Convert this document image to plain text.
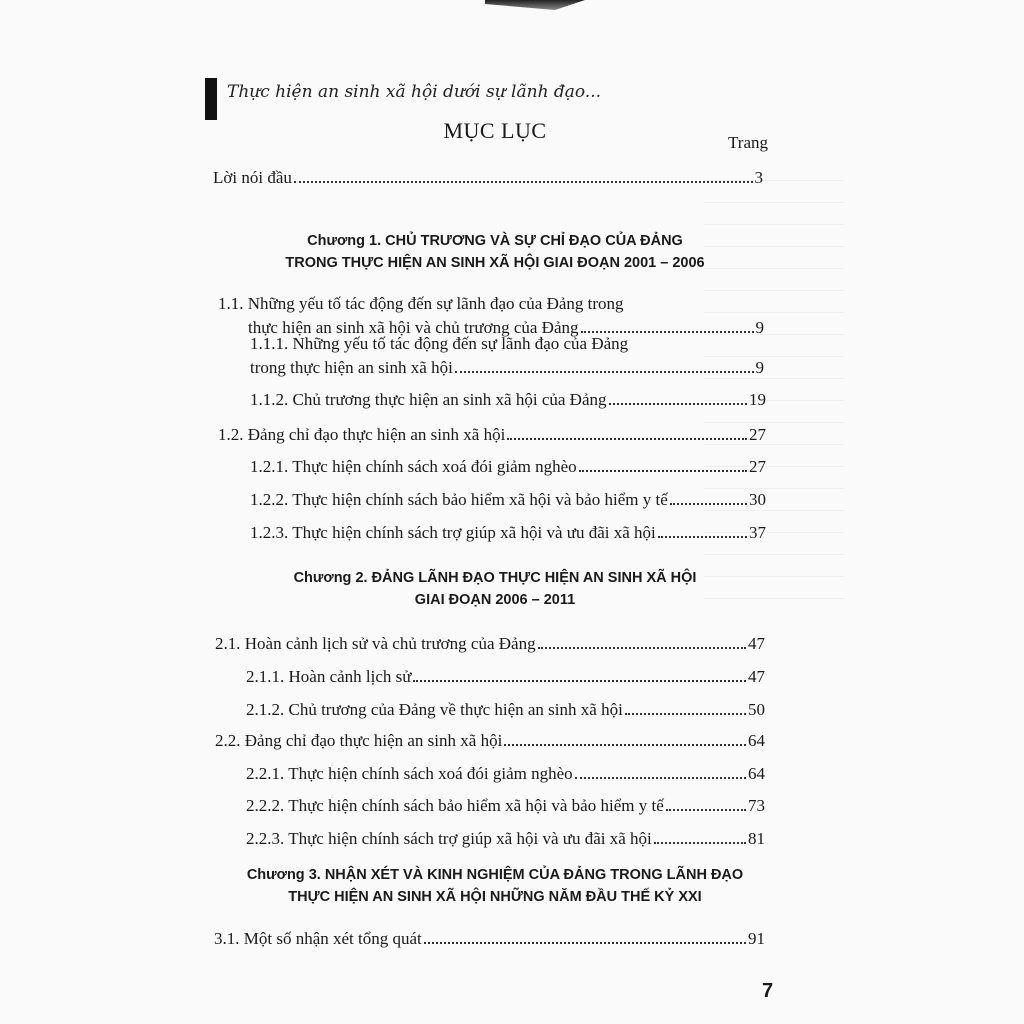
Thực hiện an sinh xã hội dưới sự lãnh đạo...
MỤC LỤC	Trang
Lời nói đầu	3
Chương 1. CHỦ TRƯƠNG VÀ SỰ CHỈ ĐẠO CỦA ĐẢNG
TRONG THỰC HIỆN AN SINH XÃ HỘI GIAI ĐOẠN 2001 – 2006
1.1. Những yếu tố tác động đến sự lãnh đạo của Đảng trong
thực hiện an sinh xã hội và chủ trương của Đảng	9
1.1.1. Những yếu tố tác động đến sự lãnh đạo của Đảng
trong thực hiện an sinh xã hội	9
1.1.2. Chủ trương thực hiện an sinh xã hội của Đảng	19
1.2. Đảng chỉ đạo thực hiện an sinh xã hội	27
1.2.1. Thực hiện chính sách xoá đói giảm nghèo	27
1.2.2. Thực hiện chính sách bảo hiểm xã hội và bảo hiểm y tế	30
1.2.3. Thực hiện chính sách trợ giúp xã hội và ưu đãi xã hội	37
Chương 2. ĐẢNG LÃNH ĐẠO THỰC HIỆN AN SINH XÃ HỘI
GIAI ĐOẠN 2006 – 2011
2.1. Hoàn cảnh lịch sử và chủ trương của Đảng	47
2.1.1. Hoàn cảnh lịch sử	47
2.1.2. Chủ trương của Đảng về thực hiện an sinh xã hội	50
2.2. Đảng chỉ đạo thực hiện an sinh xã hội	64
2.2.1. Thực hiện chính sách xoá đói giảm nghèo	64
2.2.2. Thực hiện chính sách bảo hiểm xã hội và bảo hiểm y tế	73
2.2.3. Thực hiện chính sách trợ giúp xã hội và ưu đãi xã hội	81
Chương 3. NHẬN XÉT VÀ KINH NGHIỆM CỦA ĐẢNG TRONG LÃNH ĐẠO
THỰC HIỆN AN SINH XÃ HỘI NHỮNG NĂM ĐẦU THẾ KỶ XXI
3.1. Một số nhận xét tổng quát	91
7
